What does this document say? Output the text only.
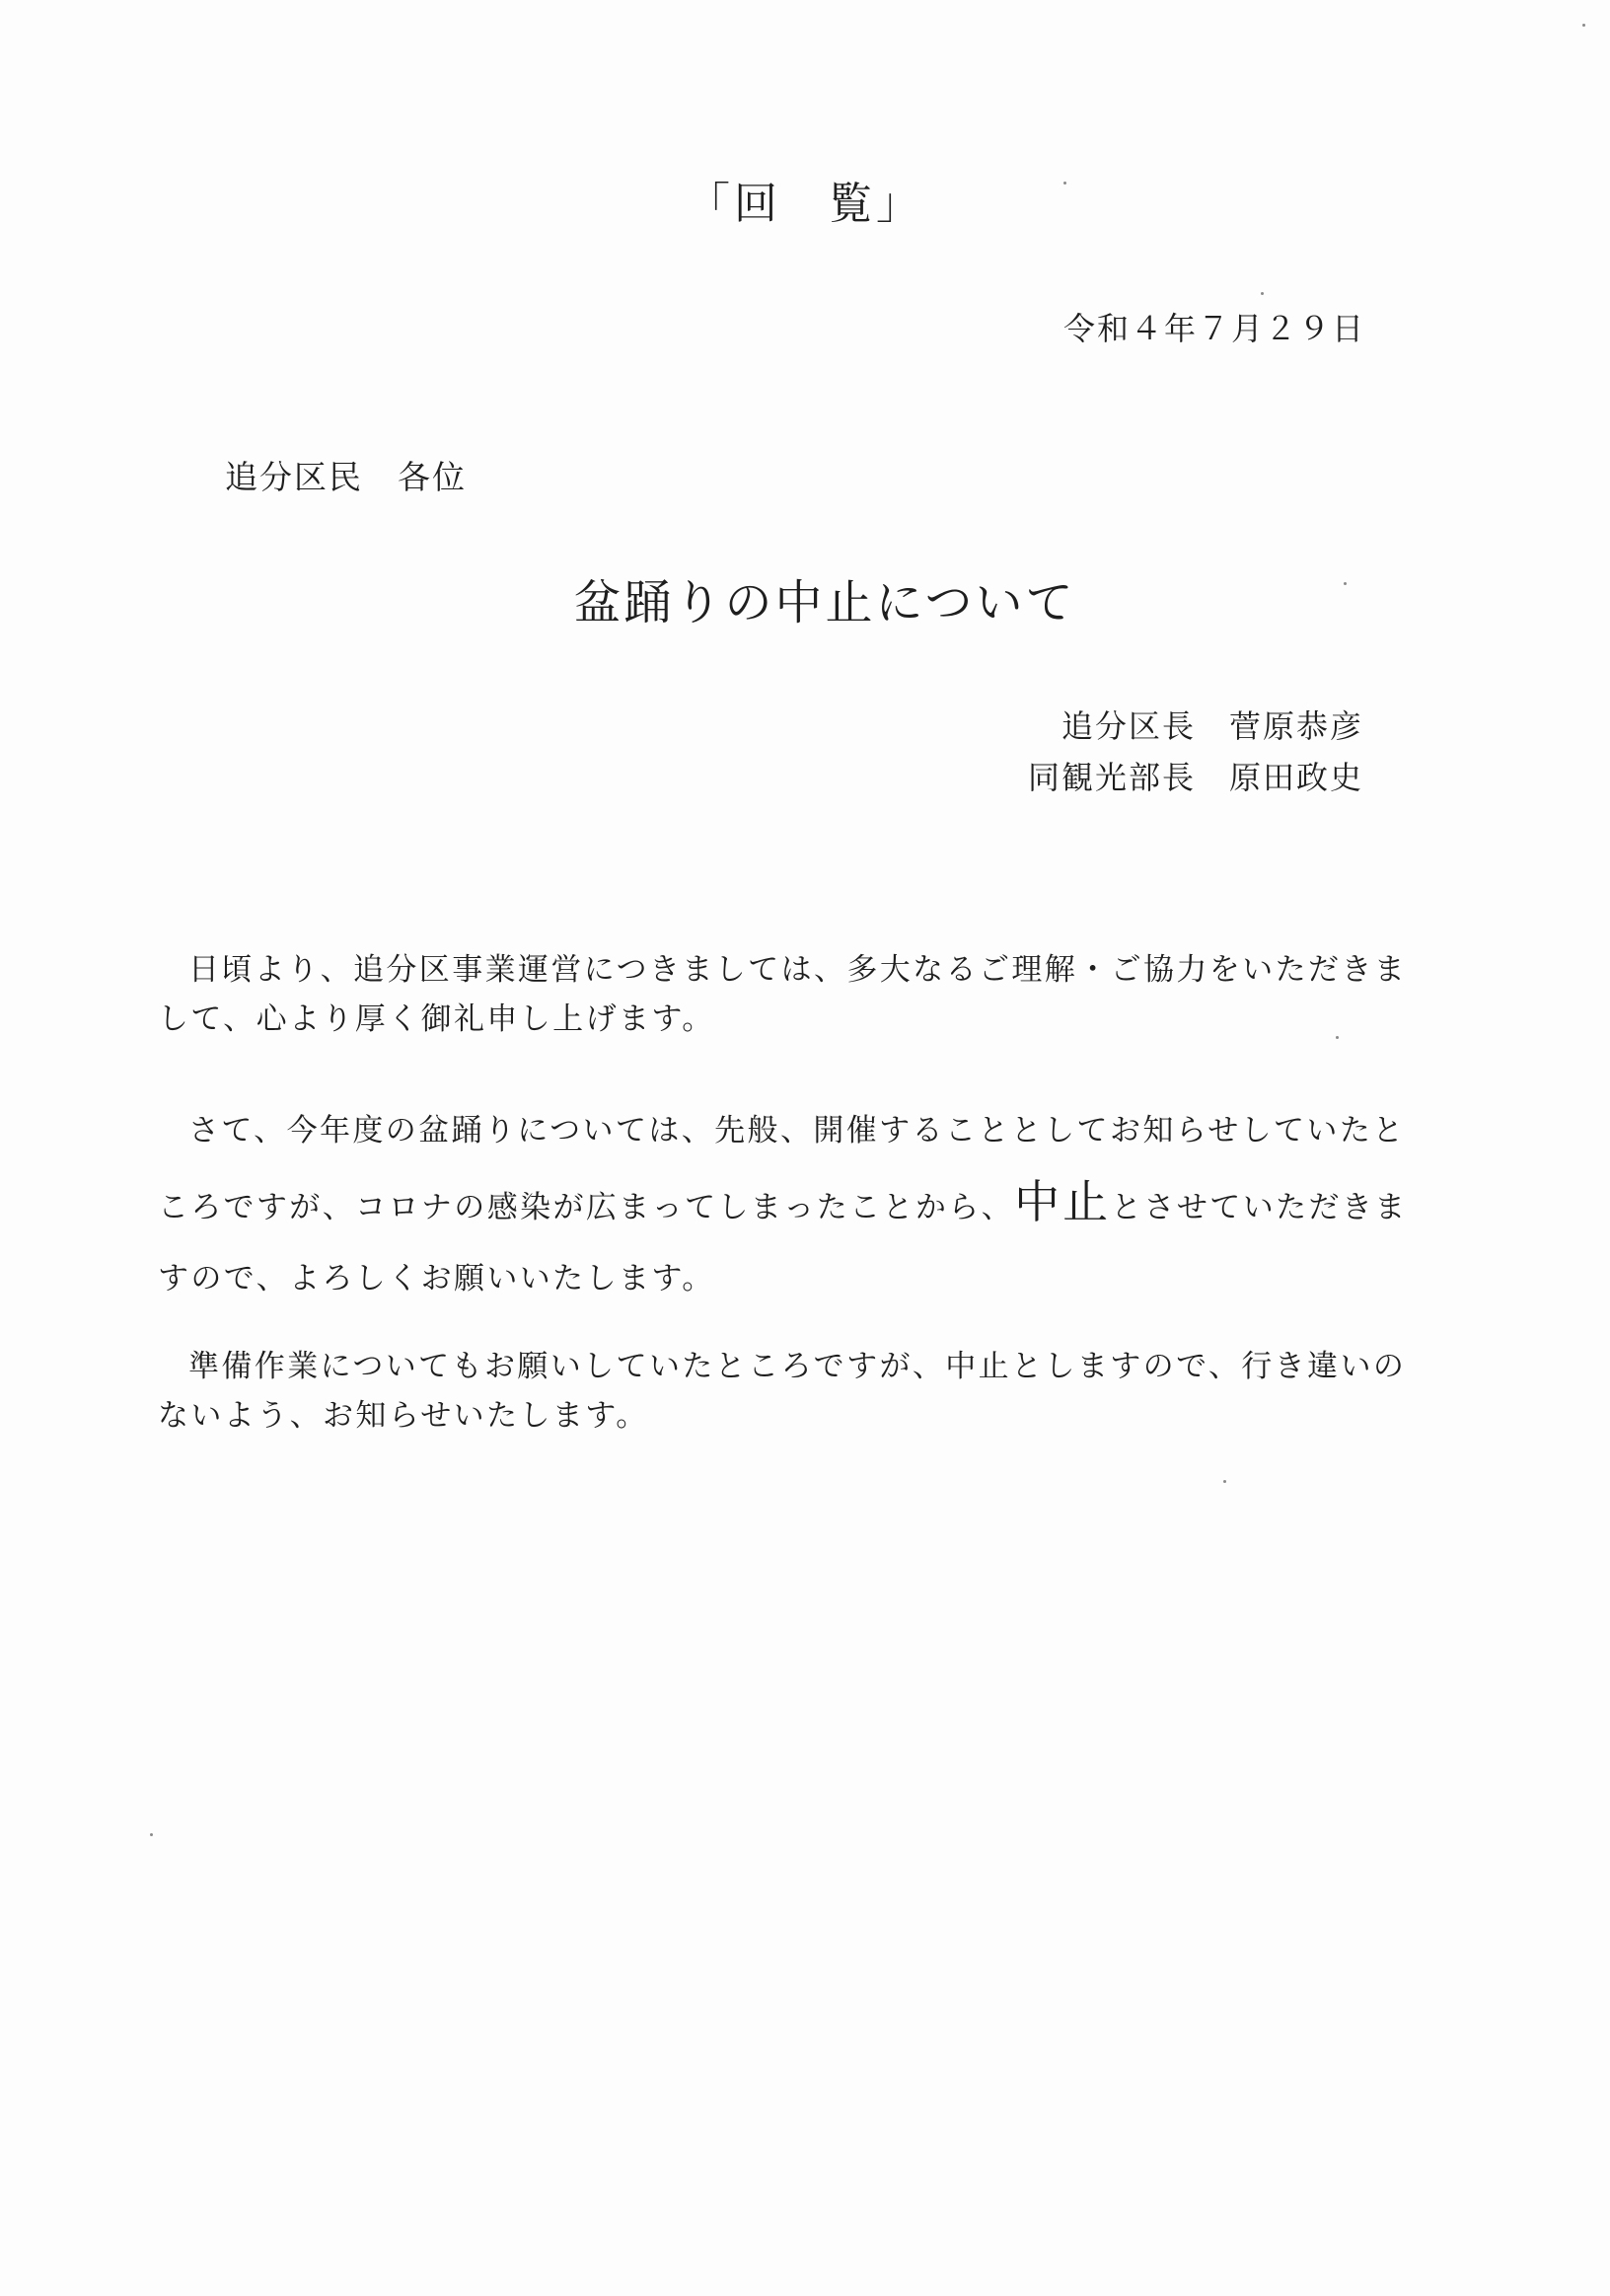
「回　覧」
令和４年７月２９日
追分区民　各位
盆踊りの中止について
追分区長 菅原恭彦
同観光部長 原田政史

日頃より、追分区事業運営につきましては、多大なるご理解・ご協力をいただきまして、心より厚く御礼申し上げます。

さて、今年度の盆踊りについては、先般、開催することとしてお知らせしていたところですが、コロナの感染が広まってしまったことから、中止とさせていただきますので、よろしくお願いいたします。

準備作業についてもお願いしていたところですが、中止としますので、行き違いのないよう、お知らせいたします。
